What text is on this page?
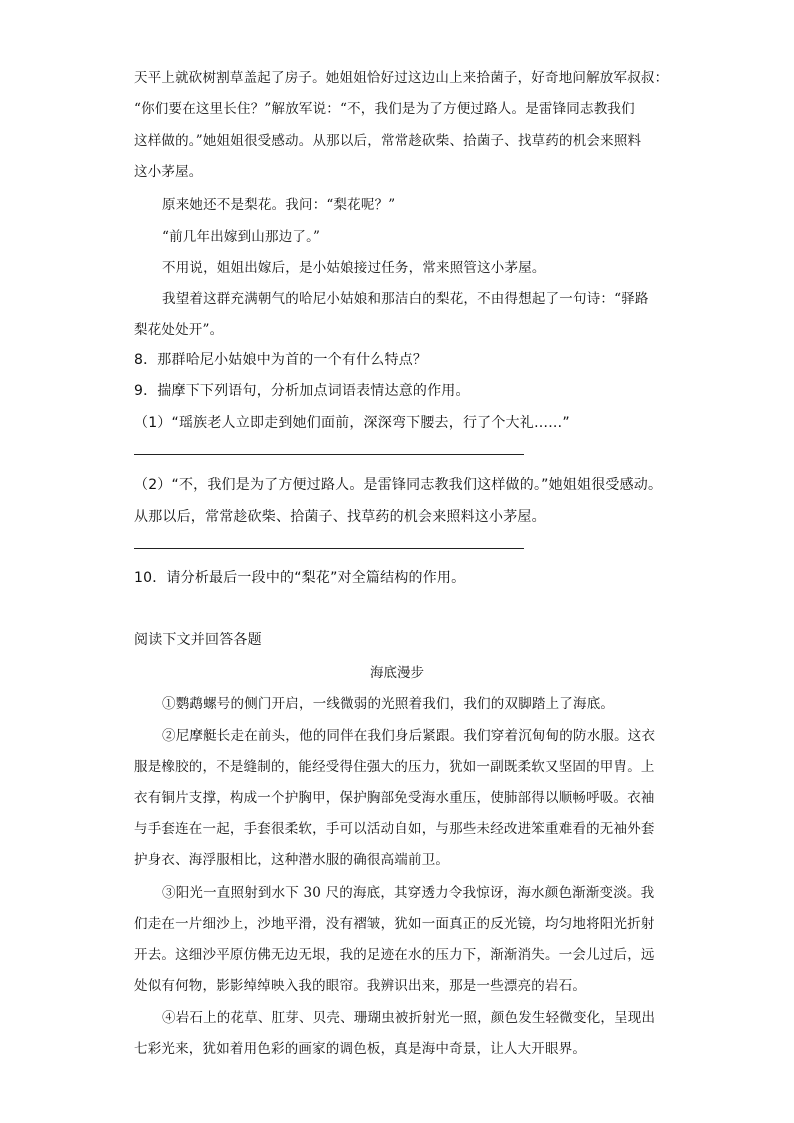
天平上就砍树割草盖起了房子。她姐姐恰好过这边山上来拾菌子，好奇地问解放军叔叔：
“你们要在这里长住？”解放军说：“不，我们是为了方便过路人。是雷锋同志教我们
这样做的。”她姐姐很受感动。从那以后，常常趁砍柴、拾菌子、找草药的机会来照料
这小茅屋。
原来她还不是梨花。我问：“梨花呢？”
“前几年出嫁到山那边了。”
不用说，姐姐出嫁后，是小姑娘接过任务，常来照管这小茅屋。
我望着这群充满朝气的哈尼小姑娘和那洁白的梨花，不由得想起了一句诗：“驿路
梨花处处开”。
8．那群哈尼小姑娘中为首的一个有什么特点？
9．揣摩下下列语句，分析加点词语表情达意的作用。
（1）“瑶族老人立即走到她们面前，深深弯下腰去，行了个大礼……”
（2）“不，我们是为了方便过路人。是雷锋同志教我们这样做的。”她姐姐很受感动。
从那以后，常常趁砍柴、拾菌子、找草药的机会来照料这小茅屋。
10．请分析最后一段中的“梨花”对全篇结构的作用。
阅读下文并回答各题
海底漫步
①鹦鹉螺号的侧门开启，一线微弱的光照着我们，我们的双脚踏上了海底。
②尼摩艇长走在前头，他的同伴在我们身后紧跟。我们穿着沉甸甸的防水服。这衣
服是橡胶的，不是缝制的，能经受得住强大的压力，犹如一副既柔软又坚固的甲胄。上
衣有铜片支撑，构成一个护胸甲，保护胸部免受海水重压，使肺部得以顺畅呼吸。衣袖
与手套连在一起，手套很柔软，手可以活动自如，与那些未经改进笨重难看的无袖外套
护身衣、海浮服相比，这种潜水服的确很高端前卫。
③阳光一直照射到水下 30 尺的海底，其穿透力令我惊讶，海水颜色渐渐变淡。我
们走在一片细沙上，沙地平滑，没有褶皱，犹如一面真正的反光镜，均匀地将阳光折射
开去。这细沙平原仿佛无边无垠，我的足迹在水的压力下，渐渐消失。一会儿过后，远
处似有何物，影影绰绰映入我的眼帘。我辨识出来，那是一些漂亮的岩石。
④岩石上的花草、肛芽、贝壳、珊瑚虫被折射光一照，颜色发生轻微变化，呈现出
七彩光来，犹如着用色彩的画家的调色板，真是海中奇景，让人大开眼界。
